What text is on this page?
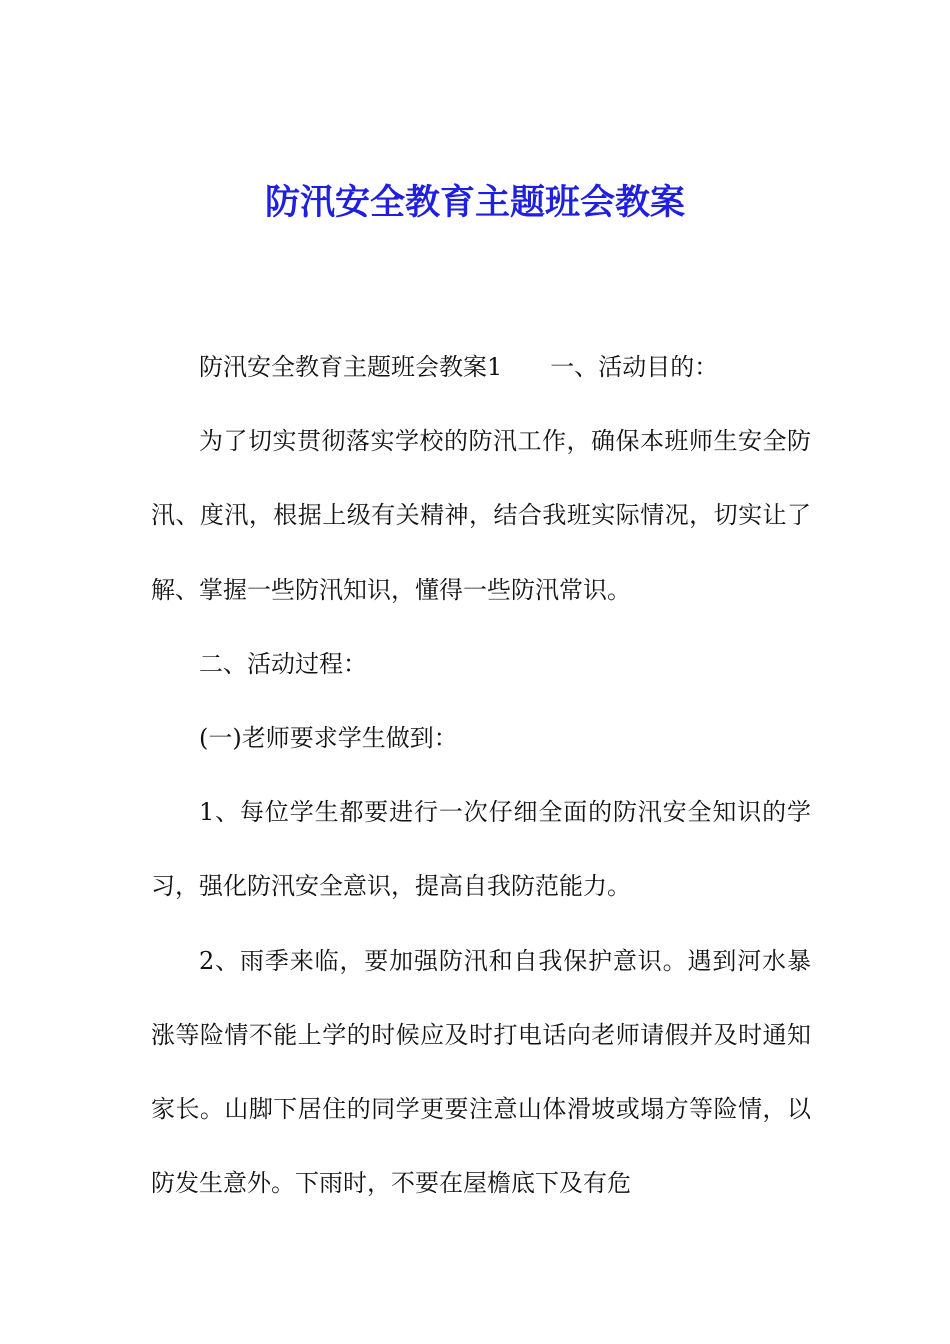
防汛安全教育主题班会教案

防汛安全教育主题班会教案1 一、活动目的：

为了切实贯彻落实学校的防汛工作，确保本班师生安全防汛、度汛，根据上级有关精神，结合我班实际情况，切实让了解、掌握一些防汛知识，懂得一些防汛常识。

二、活动过程：

(一)老师要求学生做到：

1、每位学生都要进行一次仔细全面的防汛安全知识的学习，强化防汛安全意识，提高自我防范能力。

2、雨季来临，要加强防汛和自我保护意识。遇到河水暴涨等险情不能上学的时候应及时打电话向老师请假并及时通知家长。山脚下居住的同学更要注意山体滑坡或塌方等险情，以防发生意外。下雨时，不要在屋檐底下及有危
